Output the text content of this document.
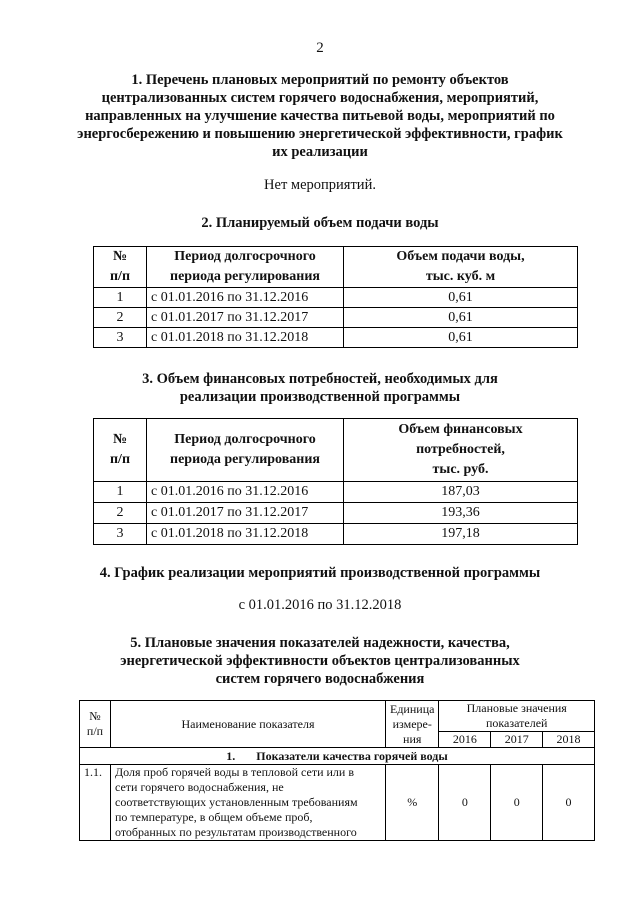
2
1. Перечень плановых мероприятий по ремонту объектов
централизованных систем горячего водоснабжения, мероприятий,
направленных на улучшение качества питьевой воды, мероприятий по
энергосбережению и повышению энергетической эффективности, график
их реализации
Нет мероприятий.
2. Планируемый объем подачи воды
№
п/п	Период долгосрочного
периода регулирования	Объем подачи воды,
тыс. куб. м
1	с 01.01.2016 по 31.12.2016	0,61
2	с 01.01.2017 по 31.12.2017	0,61
3	с 01.01.2018 по 31.12.2018	0,61
3. Объем финансовых потребностей, необходимых для
реализации производственной программы
№
п/п	Период долгосрочного
периода регулирования	Объем финансовых
потребностей,
тыс. руб.
1	с 01.01.2016 по 31.12.2016	187,03
2	с 01.01.2017 по 31.12.2017	193,36
3	с 01.01.2018 по 31.12.2018	197,18
4. График реализации мероприятий производственной программы
с 01.01.2016 по 31.12.2018
5. Плановые значения показателей надежности, качества,
энергетической эффективности объектов централизованных
систем горячего водоснабжения
№
п/п	Наименование показателя	Единица
измере-
ния	Плановые значения
показателей		
			2016	2017	2018
1. Показатели качества горячей воды					
1.1.	Доля проб горячей воды в тепловой сети или в
сети горячего водоснабжения, не
соответствующих установленным требованиям
по температуре, в общем объеме проб,
отобранных по результатам производственного	%	0	0	0
